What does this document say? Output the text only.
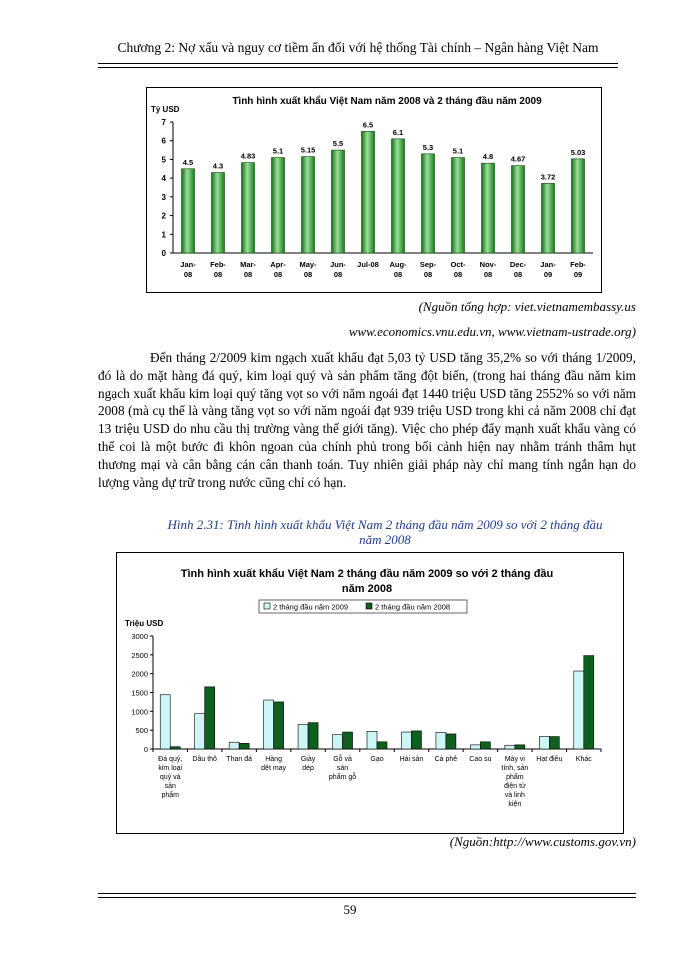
Chương 2: Nợ xấu và nguy cơ tiềm ẩn đối với hệ thống Tài chính – Ngân hàng Việt Nam
Tình hình xuất khẩu Việt Nam năm 2008 và 2 tháng đầu năm 2009
Tỷ USD
0
1
2
3
4
5
6
7
4.5
Jan-08
4.3
Feb-08
4.83
Mar-08
5.1
Apr-08
5.15
May-08
5.5
Jun-08
6.5
Jul-08
6.1
Aug-08
5.3
Sep-08
5.1
Oct-08
4.8
Nov-08
4.67
Dec-08
3.72
Jan-09
5.03
Feb-09
(Nguồn tổng hợp: viet.vietnamembassy.us
www.economics.vnu.edu.vn, www.vietnam-ustrade.org)

Đến tháng 2/2009 kim ngạch xuất khẩu đạt 5,03 tỷ USD tăng 35,2% so với tháng 1/2009, đó là do mặt hàng đá quý, kim loại quý và sản phẩm tăng đột biến, (trong hai tháng đầu năm kim ngạch xuất khẩu kim loại quý tăng vọt so với năm ngoái đạt 1440 triệu USD tăng 2552% so với năm 2008 (mà cụ thể là vàng tăng vọt so với năm ngoái đạt 939 triệu USD trong khi cả năm 2008 chỉ đạt 13 triệu USD do nhu cầu thị trường vàng thế giới tăng). Việc cho phép đẩy mạnh xuất khẩu vàng có thể coi là một bước đi khôn ngoan của chính phủ trong bối cảnh hiện nay nhằm tránh thâm hụt thương mại và cân bằng cán cân thanh toán. Tuy nhiên giải pháp này chỉ mang tính ngắn hạn do lượng vàng dự trữ trong nước cũng chỉ có hạn.

Hình 2.31: Tình hình xuất khẩu Việt Nam 2 tháng đầu năm 2009 so với 2 tháng đầu năm 2008
Tình hình xuất khẩu Việt Nam 2 tháng đầu năm 2009 so với 2 tháng đầu
năm 2008
2 tháng đầu năm 2009	2 tháng đầu năm 2008
Triệu USD
0
500
1000
1500
2000
2500
3000
Đá quý, kim loại quý và sản phẩm
Dầu thô Than đá	Hàng dệt may
Giày dép
Gỗ và sản phẩm gỗ
Gạo Hải sản Cà phê Cao su	Máy vi tính, sản phẩm điện tử và linh kiện
Hạt điều Khác
(Nguồn:http://www.customs.gov.vn)
59
